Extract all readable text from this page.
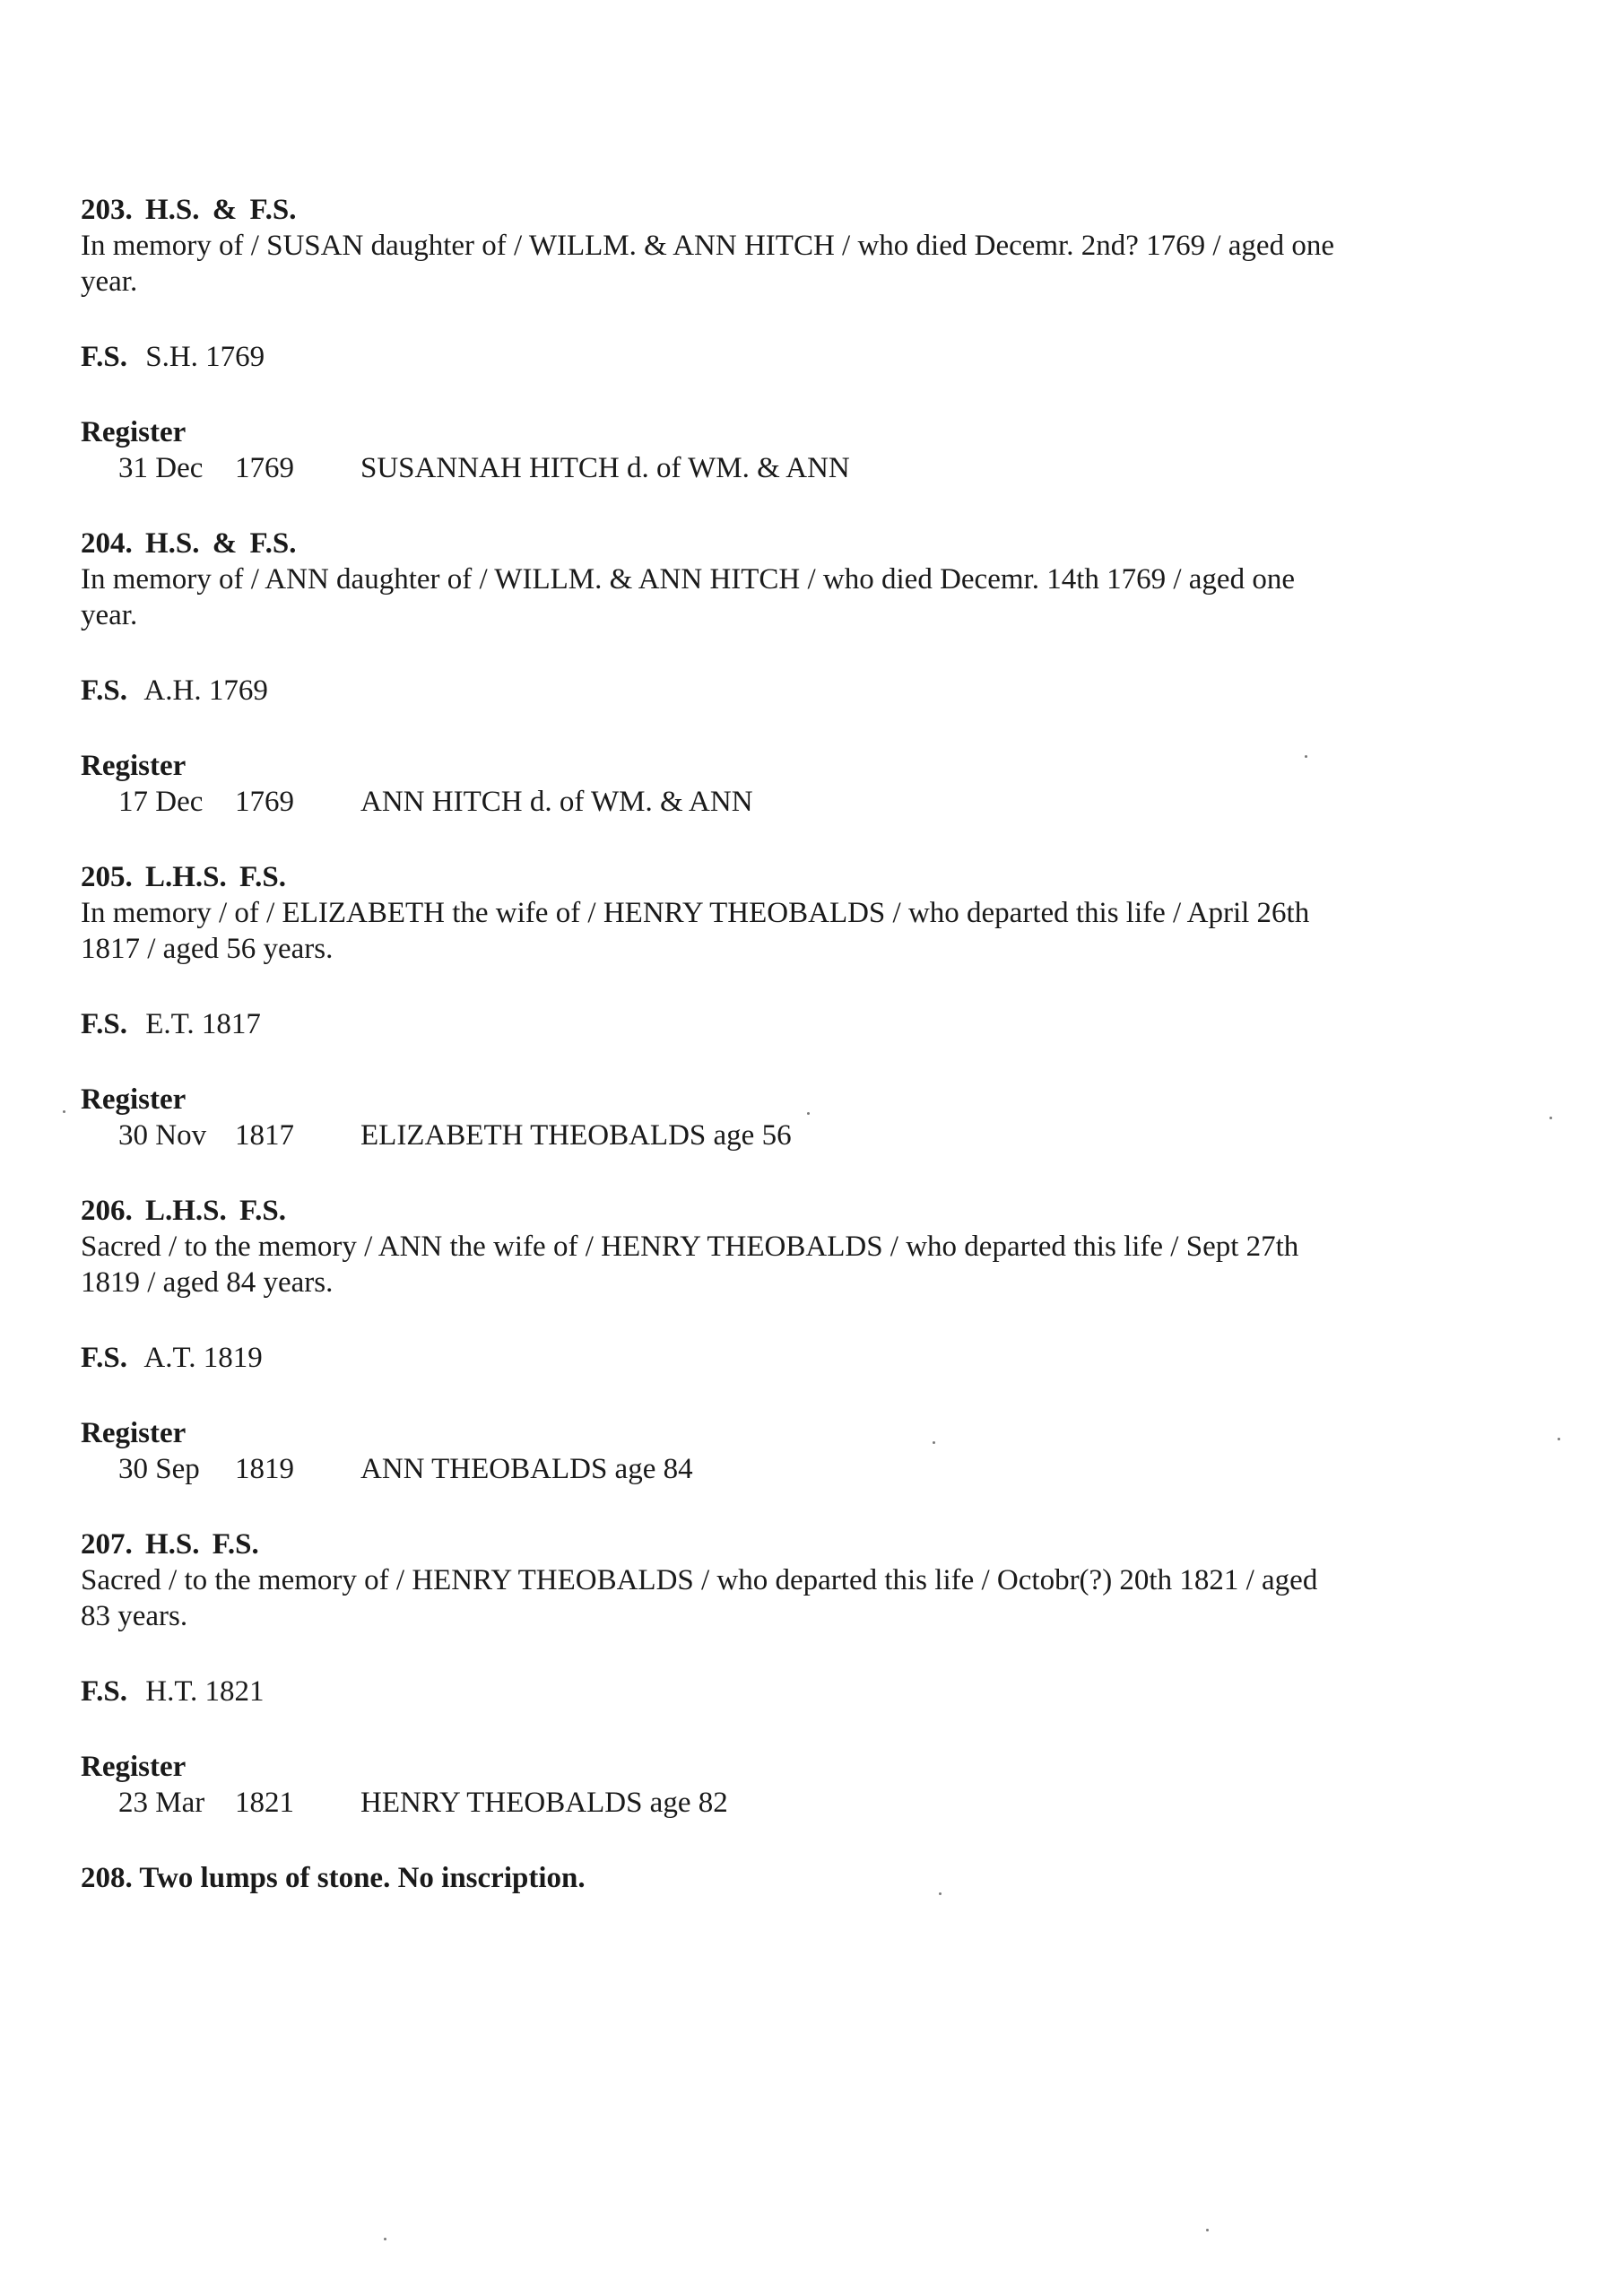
203. H.S. & F.S.

In memory of / SUSAN daughter of / WILLM. & ANN HITCH / who died Decemr. 2nd? 1769 / aged one year.

F.S. S.H. 1769
Register
31 Dec	1769	SUSANNAH HITCH d. of WM. & ANN

204. H.S. & F.S.

In memory of / ANN daughter of / WILLM. & ANN HITCH / who died Decemr. 14th 1769 / aged one year.

F.S. A.H. 1769
Register
17 Dec	1769	ANN HITCH d. of WM. & ANN

205. L.H.S. F.S.

In memory / of / ELIZABETH the wife of / HENRY THEOBALDS / who departed this life / April 26th 1817 / aged 56 years.

F.S. E.T. 1817
Register
30 Nov 1817	ELIZABETH THEOBALDS age 56

206. L.H.S. F.S.

Sacred / to the memory / ANN the wife of / HENRY THEOBALDS / who departed this life / Sept 27th 1819 / aged 84 years.

F.S. A.T. 1819
Register
30 Sep	1819	ANN THEOBALDS age 84

207. H.S. F.S.

Sacred / to the memory of / HENRY THEOBALDS / who departed this life / Octobr(?) 20th 1821 / aged 83 years.

F.S. H.T. 1821
Register
23 Mar	1821	HENRY THEOBALDS age 82

208. Two lumps of stone. No inscription.
